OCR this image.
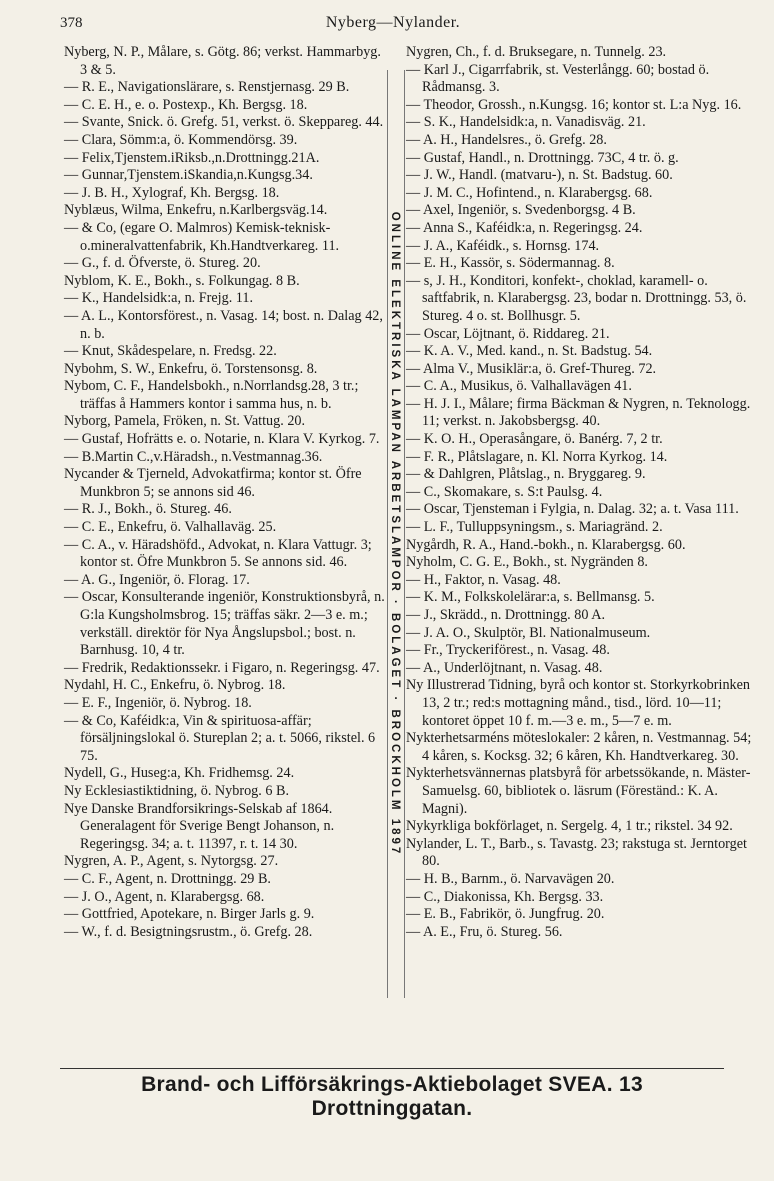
378	Nyberg—Nylander.

Nyberg, N. P., Målare, s. Götg. 86; verkst. Hammarbyg. 3 & 5.

— R. E., Navigationslärare, s. Renstjernasg. 29 B.

— C. E. H., e. o. Postexp., Kh. Bergsg. 18.

— Svante, Snick. ö. Grefg. 51, verkst. ö. Skeppareg. 44.

— Clara, Sömm:a, ö. Kommendörsg. 39.

— Felix,Tjenstem.iRiksb.,n.Drottningg.21A.

— Gunnar,Tjenstem.iSkandia,n.Kungsg.34.

— J. B. H., Xylograf, Kh. Bergsg. 18.

Nyblæus, Wilma, Enkefru, n.Karlbergsväg.14.

— & Co, (egare O. Malmros) Kemisk-teknisk- o.mineralvattenfabrik, Kh.Handtverkareg. 11.

— G., f. d. Öfverste, ö. Stureg. 20.

Nyblom, K. E., Bokh., s. Folkungag. 8 B.

— K., Handelsidk:a, n. Frejg. 11.

— A. L., Kontorsförest., n. Vasag. 14; bost. n. Dalag 42, n. b.

— Knut, Skådespelare, n. Fredsg. 22.

Nybohm, S. W., Enkefru, ö. Torstensonsg. 8.

Nybom, C. F., Handelsbokh., n.Norrlandsg.28, 3 tr.; träffas å Hammers kontor i samma hus, n. b.

Nyborg, Pamela, Fröken, n. St. Vattug. 20.

— Gustaf, Hofrätts e. o. Notarie, n. Klara V. Kyrkog. 7.

— B.Martin C.,v.Häradsh., n.Vestmannag.36.

Nycander & Tjerneld, Advokatfirma; kontor st. Öfre Munkbron 5; se annons sid 46.

— R. J., Bokh., ö. Stureg. 46.

— C. E., Enkefru, ö. Valhallaväg. 25.

— C. A., v. Häradshöfd., Advokat, n. Klara Vattugr. 3; kontor st. Öfre Munkbron 5. Se annons sid. 46.

— A. G., Ingeniör, ö. Florag. 17.

— Oscar, Konsulterande ingeniör, Konstruktionsbyrå, n. G:la Kungsholmsbrog. 15; träffas säkr. 2—3 e. m.; verkställ. direktör för Nya Ångslupsbol.; bost. n. Barnhusg. 10, 4 tr.

— Fredrik, Redaktionssekr. i Figaro, n. Regeringsg. 47.

Nydahl, H. C., Enkefru, ö. Nybrog. 18.

— E. F., Ingeniör, ö. Nybrog. 18.

— & Co, Kaféidk:a, Vin & spirituosa-affär; försäljningslokal ö. Stureplan 2; a. t. 5066, rikstel. 6 75.

Nydell, G., Huseg:a, Kh. Fridhemsg. 24.

Ny Ecklesiastiktidning, ö. Nybrog. 6 B.

Nye Danske Brandforsikrings-Selskab af 1864. Generalagent för Sverige Bengt Johanson, n. Regeringsg. 34; a. t. 11397, r. t. 14 30.

Nygren, A. P., Agent, s. Nytorgsg. 27.

— C. F., Agent, n. Drottningg. 29 B.

— J. O., Agent, n. Klarabergsg. 68.

— Gottfried, Apotekare, n. Birger Jarls g. 9.

— W., f. d. Besigtningsrustm., ö. Grefg. 28.

ONLINE ELEKTRISKA LAMPAN ARBETSLAMPOR · BOLAGET · BROCKHOLM 1897

Nygren, Ch., f. d. Bruksegare, n. Tunnelg. 23.

— Karl J., Cigarrfabrik, st. Vesterlångg. 60; bostad ö. Rådmansg. 3.

— Theodor, Grossh., n.Kungsg. 16; kontor st. L:a Nyg. 16.

— S. K., Handelsidk:a, n. Vanadisväg. 21.

— A. H., Handelsres., ö. Grefg. 28.

— Gustaf, Handl., n. Drottningg. 73C, 4 tr. ö. g.

— J. W., Handl. (matvaru-), n. St. Badstug. 60.

— J. M. C., Hofintend., n. Klarabergsg. 68.

— Axel, Ingeniör, s. Svedenborgsg. 4 B.

— Anna S., Kaféidk:a, n. Regeringsg. 24.

— J. A., Kaféidk., s. Hornsg. 174.

— E. H., Kassör, s. Södermannag. 8.

— s, J. H., Konditori, konfekt-, choklad, karamell- o. saftfabrik, n. Klarabergsg. 23, bodar n. Drottningg. 53, ö. Stureg. 4 o. st. Bollhusgr. 5.

— Oscar, Löjtnant, ö. Riddareg. 21.

— K. A. V., Med. kand., n. St. Badstug. 54.

— Alma V., Musiklär:a, ö. Gref-Thureg. 72.

— C. A., Musikus, ö. Valhallavägen 41.

— H. J. I., Målare; firma Bäckman & Nygren, n. Teknologg. 11; verkst. n. Jakobsbergsg. 40.

— K. O. H., Operasångare, ö. Banérg. 7, 2 tr.

— F. R., Plåtslagare, n. Kl. Norra Kyrkog. 14.

— & Dahlgren, Plåtslag., n. Bryggareg. 9.

— C., Skomakare, s. S:t Paulsg. 4.

— Oscar, Tjensteman i Fylgia, n. Dalag. 32; a. t. Vasa 111.

— L. F., Tulluppsyningsm., s. Mariagränd. 2.

Nygårdh, R. A., Hand.-bokh., n. Klarabergsg. 60.

Nyholm, C. G. E., Bokh., st. Nygränden 8.

— H., Faktor, n. Vasag. 48.

— K. M., Folkskolelärar:a, s. Bellmansg. 5.

— J., Skrädd., n. Drottningg. 80 A.

— J. A. O., Skulptör, Bl. Nationalmuseum.

— Fr., Tryckeriförest., n. Vasag. 48.

— A., Underlöjtnant, n. Vasag. 48.

Ny Illustrerad Tidning, byrå och kontor st. Storkyrkobrinken 13, 2 tr.; red:s mottagning månd., tisd., lörd. 10—11; kontoret öppet 10 f. m.—3 e. m., 5—7 e. m.

Nykterhetsarméns möteslokaler: 2 kåren, n. Vestmannag. 54; 4 kåren, s. Kocksg. 32; 6 kåren, Kh. Handtverkareg. 30.

Nykterhetsvännernas platsbyrå för arbetssökande, n. Mäster-Samuelsg. 60, bibliotek o. läsrum (Föreständ.: K. A. Magni).

Nykyrkliga bokförlaget, n. Sergelg. 4, 1 tr.; rikstel. 34 92.

Nylander, L. T., Barb., s. Tavastg. 23; rakstuga st. Jerntorget 80.

— H. B., Barnm., ö. Narvavägen 20.

— C., Diakonissa, Kh. Bergsg. 33.

— E. B., Fabrikör, ö. Jungfrug. 20.

— A. E., Fru, ö. Stureg. 56.

Brand- och Lifförsäkrings-Aktiebolaget SVEA. 13 Drottninggatan.
